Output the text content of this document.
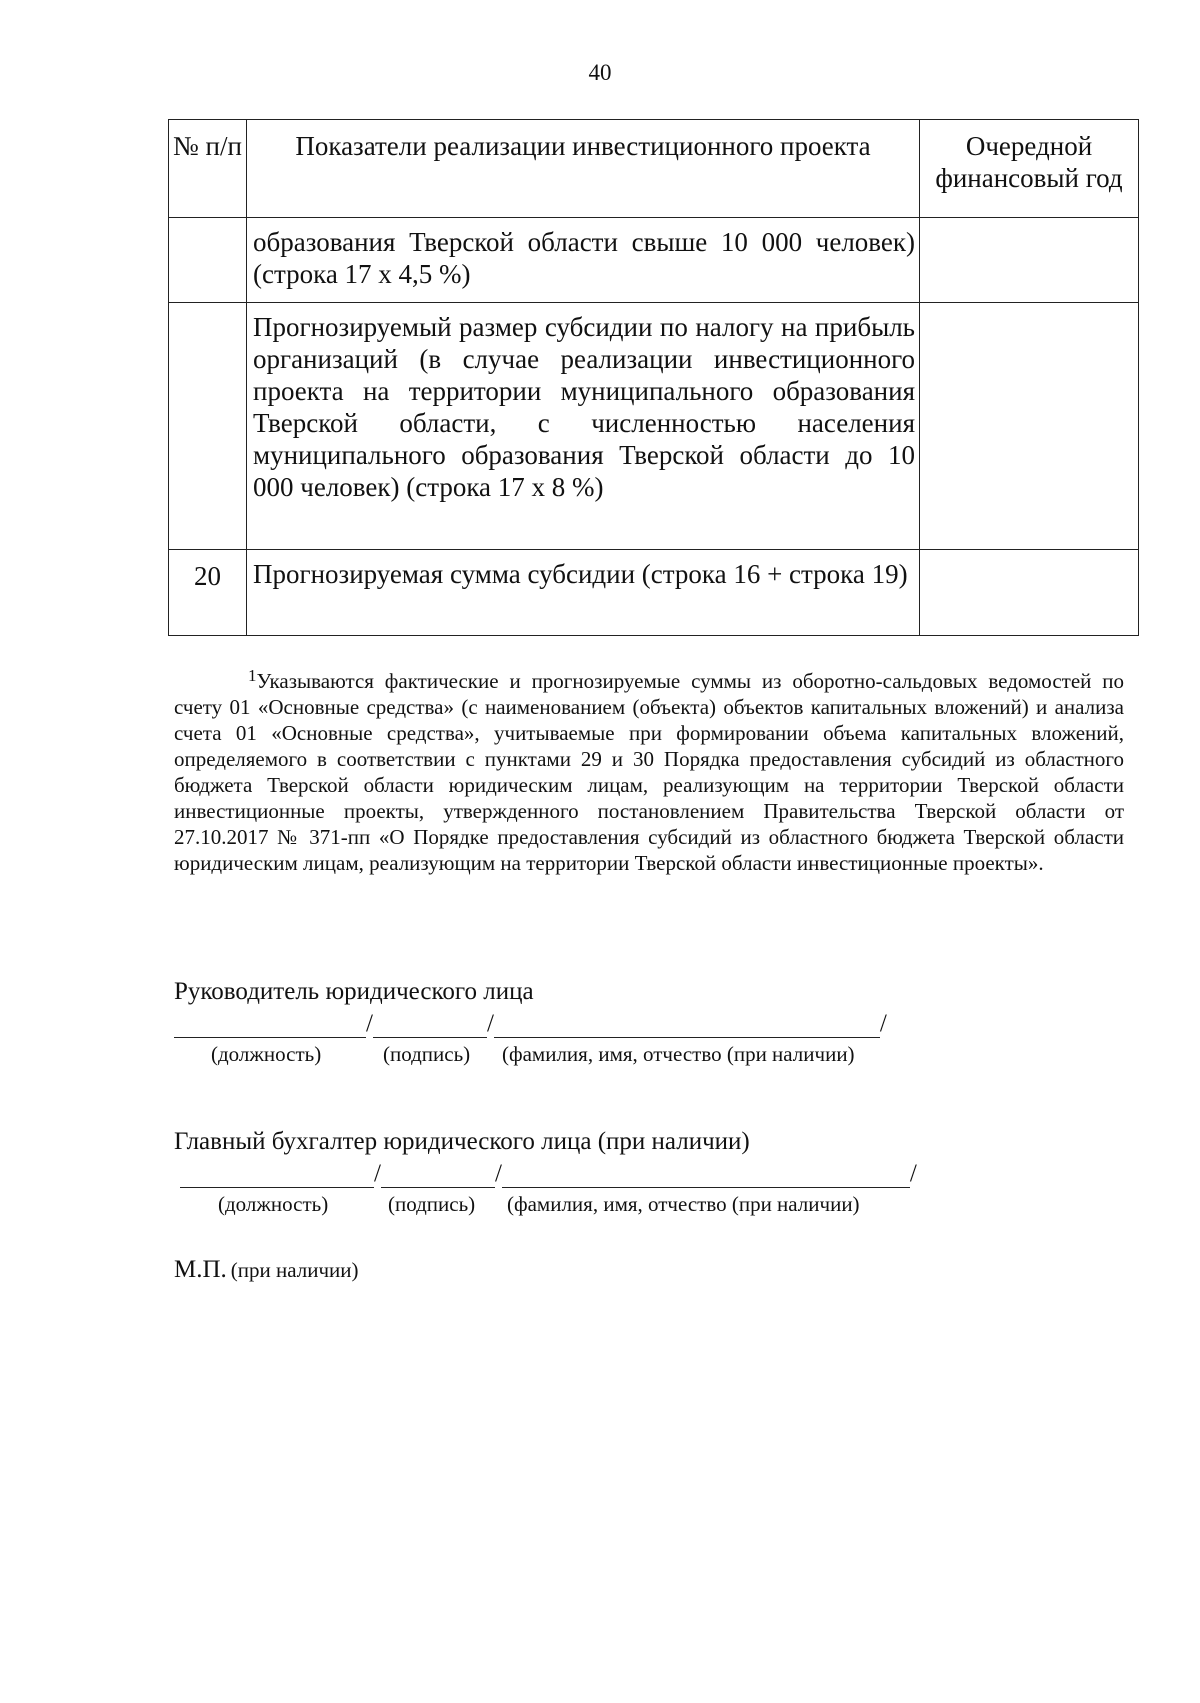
40
№ п/п	Показатели реализации инвестиционного проекта	Очередной финансовый год
	образования Тверской области свыше 10 000 человек) (строка 17 х 4,5 %)	
	Прогнозируемый размер субсидии по налогу на прибыль организаций (в случае реализации инвестиционного проекта на территории муниципального образования Тверской области, с численностью населения муниципального образования Тверской области до 10 000 человек) (строка 17 х 8 %)	
20	Прогнозируемая сумма субсидии (строка 16 + строка 19)	
$^1$Указываются фактические и прогнозируемые суммы из оборотно-сальдовых ведомостей по счету 01 «Основные средства» (с наименованием (объекта) объектов капитальных вложений) и анализа счета 01 «Основные средства», учитываемые при формировании объема капитальных вложений, определяемого в соответствии с пунктами 29 и 30 Порядка предоставления субсидий из областного бюджета Тверской области юридическим лицам, реализующим на территории Тверской области инвестиционные проекты, утвержденного постановлением Правительства Тверской области от 27.10.2017 № 371-пп «О Порядке предоставления субсидий из областного бюджета Тверской области юридическим лицам, реализующим на территории Тверской области инвестиционные проекты».
Руководитель юридического лица
/	/	/
(должность)	(подпись) (фамилия, имя, отчество (при наличии)
Главный бухгалтер юридического лица (при наличии)
/	/	/
(должность)	(подпись) (фамилия, имя, отчество (при наличии)
М.П. (при наличии)
